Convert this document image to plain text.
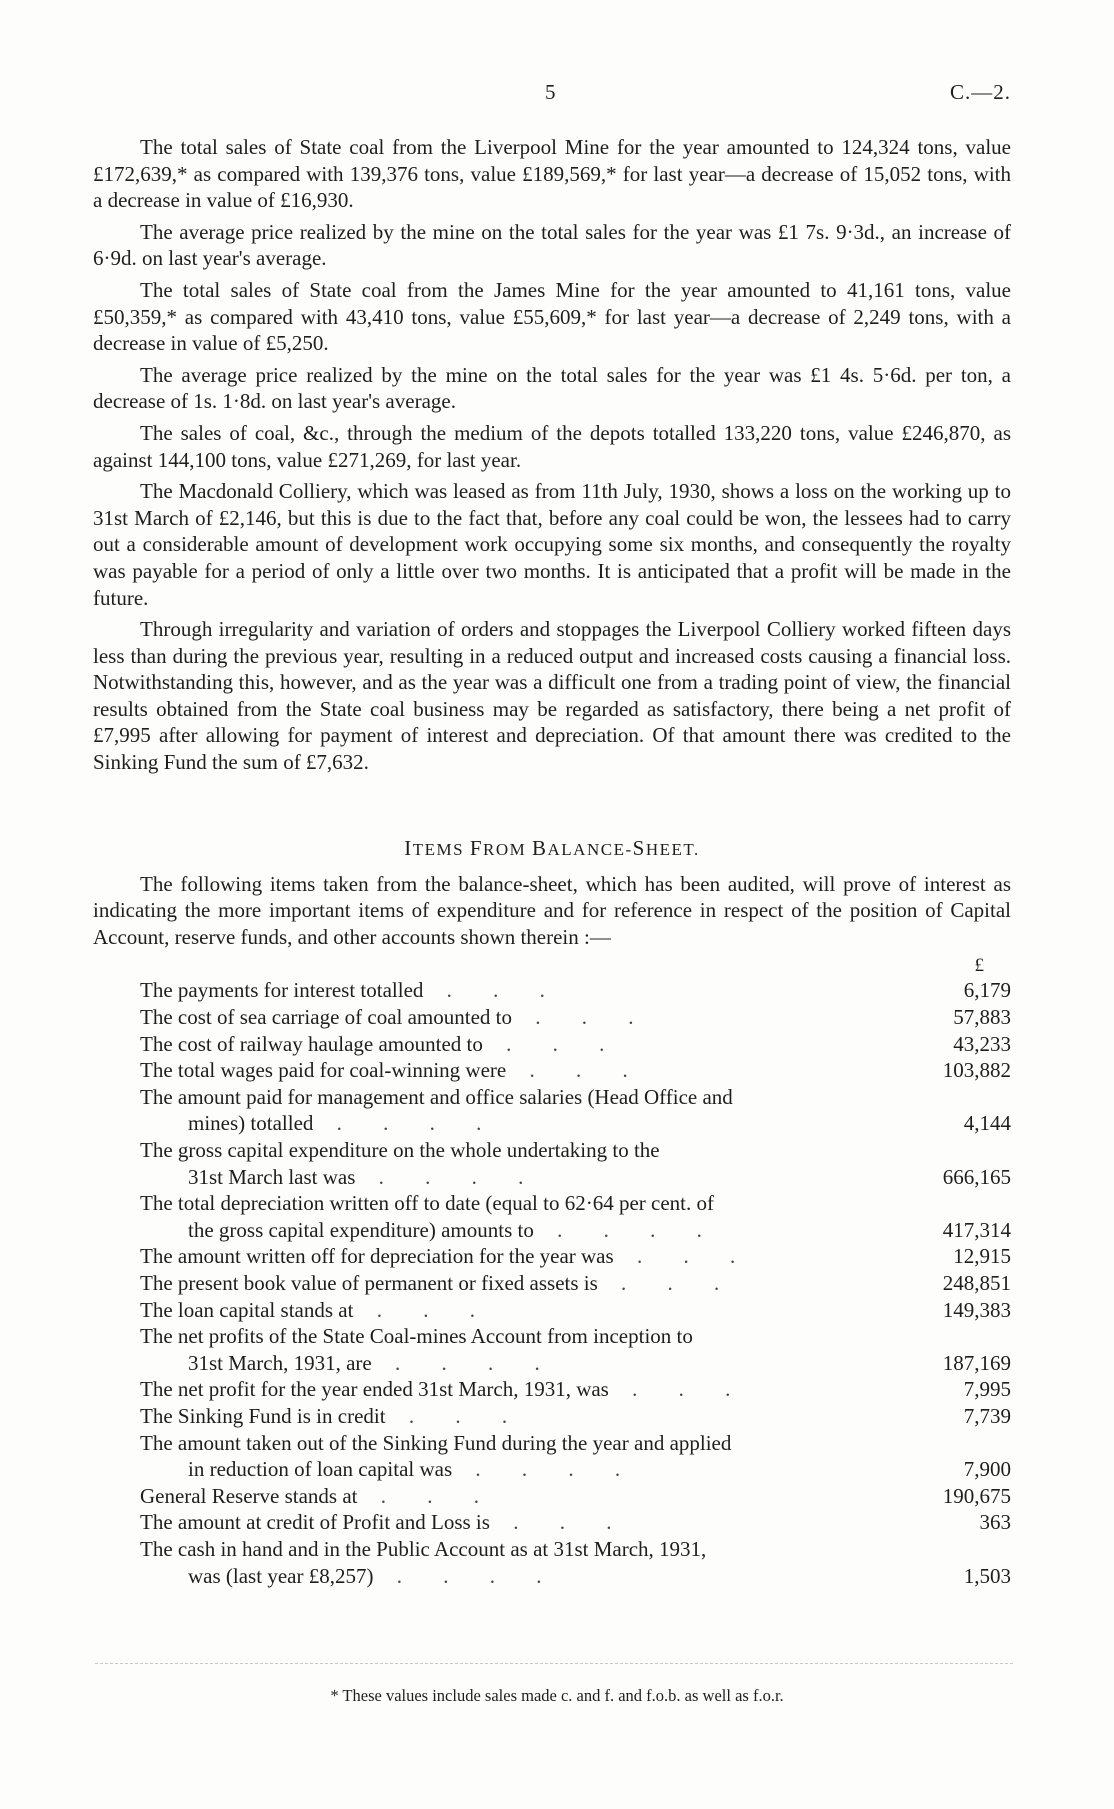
5	C.—2.

The total sales of State coal from the Liverpool Mine for the year amounted to 124,324 tons, value £172,639,* as compared with 139,376 tons, value £189,569,* for last year—a decrease of 15,052 tons, with a decrease in value of £16,930.

The average price realized by the mine on the total sales for the year was £1 7s. 9·3d., an increase of 6·9d. on last year's average.

The total sales of State coal from the James Mine for the year amounted to 41,161 tons, value £50,359,* as compared with 43,410 tons, value £55,609,* for last year—a decrease of 2,249 tons, with a decrease in value of £5,250.

The average price realized by the mine on the total sales for the year was £1 4s. 5·6d. per ton, a decrease of 1s. 1·8d. on last year's average.

The sales of coal, &c., through the medium of the depots totalled 133,220 tons, value £246,870, as against 144,100 tons, value £271,269, for last year.

The Macdonald Colliery, which was leased as from 11th July, 1930, shows a loss on the working up to 31st March of £2,146, but this is due to the fact that, before any coal could be won, the lessees had to carry out a considerable amount of development work occupying some six months, and consequently the royalty was payable for a period of only a little over two months. It is anticipated that a profit will be made in the future.

Through irregularity and variation of orders and stoppages the Liverpool Colliery worked fifteen days less than during the previous year, resulting in a reduced output and increased costs causing a financial loss. Notwithstanding this, however, and as the year was a difficult one from a trading point of view, the financial results obtained from the State coal business may be regarded as satisfactory, there being a net profit of £7,995 after allowing for payment of interest and depreciation. Of that amount there was credited to the Sinking Fund the sum of £7,632.

ITEMS FROM BALANCE-SHEET.

The following items taken from the balance-sheet, which has been audited, will prove of interest as indicating the more important items of expenditure and for reference in respect of the position of Capital Account, reserve funds, and other accounts shown therein :—

£
The payments for interest totalled . . .	6,179
The cost of sea carriage of coal amounted to . . .	57,883
The cost of railway haulage amounted to . . .	43,233
The total wages paid for coal-winning were . . .	103,882
The amount paid for management and office salaries (Head Office and
mines) totalled . . . .	4,144
The gross capital expenditure on the whole undertaking to the
31st March last was . . . .	666,165
The total depreciation written off to date (equal to 62·64 per cent. of
the gross capital expenditure) amounts to . . . .	417,314
The amount written off for depreciation for the year was . . .	12,915
The present book value of permanent or fixed assets is . . .	248,851
The loan capital stands at . . .	149,383
The net profits of the State Coal-mines Account from inception to
31st March, 1931, are . . . .	187,169
The net profit for the year ended 31st March, 1931, was . . .	7,995
The Sinking Fund is in credit . . .	7,739
The amount taken out of the Sinking Fund during the year and applied
in reduction of loan capital was . . . .	7,900
General Reserve stands at . . .	190,675
The amount at credit of Profit and Loss is . . .	363
The cash in hand and in the Public Account as at 31st March, 1931,
was (last year £8,257) . . . .	1,503
* These values include sales made c. and f. and f.o.b. as well as f.o.r.
